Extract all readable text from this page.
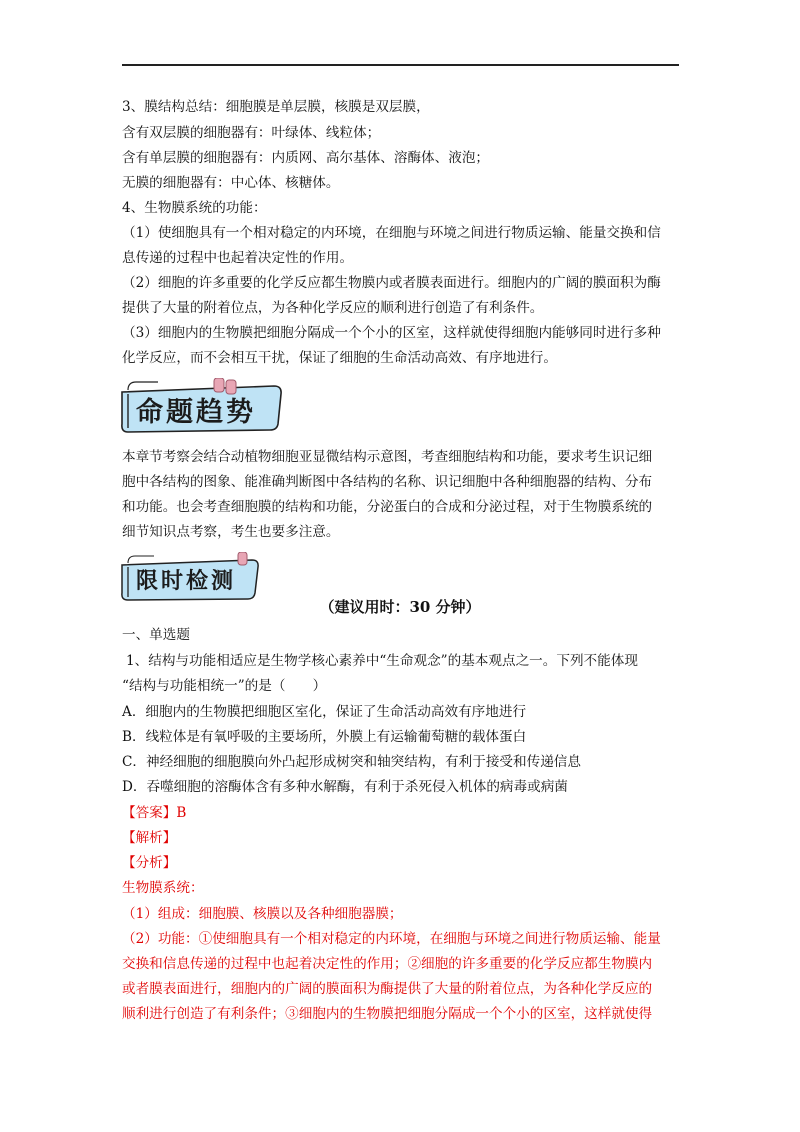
3、膜结构总结：细胞膜是单层膜，核膜是双层膜，
含有双层膜的细胞器有：叶绿体、线粒体；
含有单层膜的细胞器有：内质网、高尔基体、溶酶体、液泡；
无膜的细胞器有：中心体、核糖体。
4、生物膜系统的功能：
（1）使细胞具有一个相对稳定的内环境，在细胞与环境之间进行物质运输、能量交换和信
息传递的过程中也起着决定性的作用。
（2）细胞的许多重要的化学反应都生物膜内或者膜表面进行。细胞内的广阔的膜面积为酶
提供了大量的附着位点，为各种化学反应的顺利进行创造了有利条件。
（3）细胞内的生物膜把细胞分隔成一个个小的区室，这样就使得细胞内能够同时进行多种
化学反应，而不会相互干扰，保证了细胞的生命活动高效、有序地进行。
命题趋势
本章节考察会结合动植物细胞亚显微结构示意图，考查细胞结构和功能，要求考生识记细
胞中各结构的图象、能准确判断图中各结构的名称、识记细胞中各种细胞器的结构、分布
和功能。也会考查细胞膜的结构和功能，分泌蛋白的合成和分泌过程，对于生物膜系统的
细节知识点考察，考生也要多注意。
限时检测
（建议用时：30 分钟）
一、单选题
1、结构与功能相适应是生物学核心素养中“生命观念”的基本观点之一。下列不能体现
“结构与功能相统一”的是（　　）
A．细胞内的生物膜把细胞区室化，保证了生命活动高效有序地进行
B．线粒体是有氧呼吸的主要场所，外膜上有运输葡萄糖的载体蛋白
C．神经细胞的细胞膜向外凸起形成树突和轴突结构，有利于接受和传递信息
D．吞噬细胞的溶酶体含有多种水解酶，有利于杀死侵入机体的病毒或病菌
【答案】B
【解析】
【分析】
生物膜系统：
（1）组成：细胞膜、核膜以及各种细胞器膜；
（2）功能：①使细胞具有一个相对稳定的内环境，在细胞与环境之间进行物质运输、能量
交换和信息传递的过程中也起着决定性的作用；②细胞的许多重要的化学反应都生物膜内
或者膜表面进行，细胞内的广阔的膜面积为酶提供了大量的附着位点，为各种化学反应的
顺利进行创造了有利条件；③细胞内的生物膜把细胞分隔成一个个小的区室，这样就使得
